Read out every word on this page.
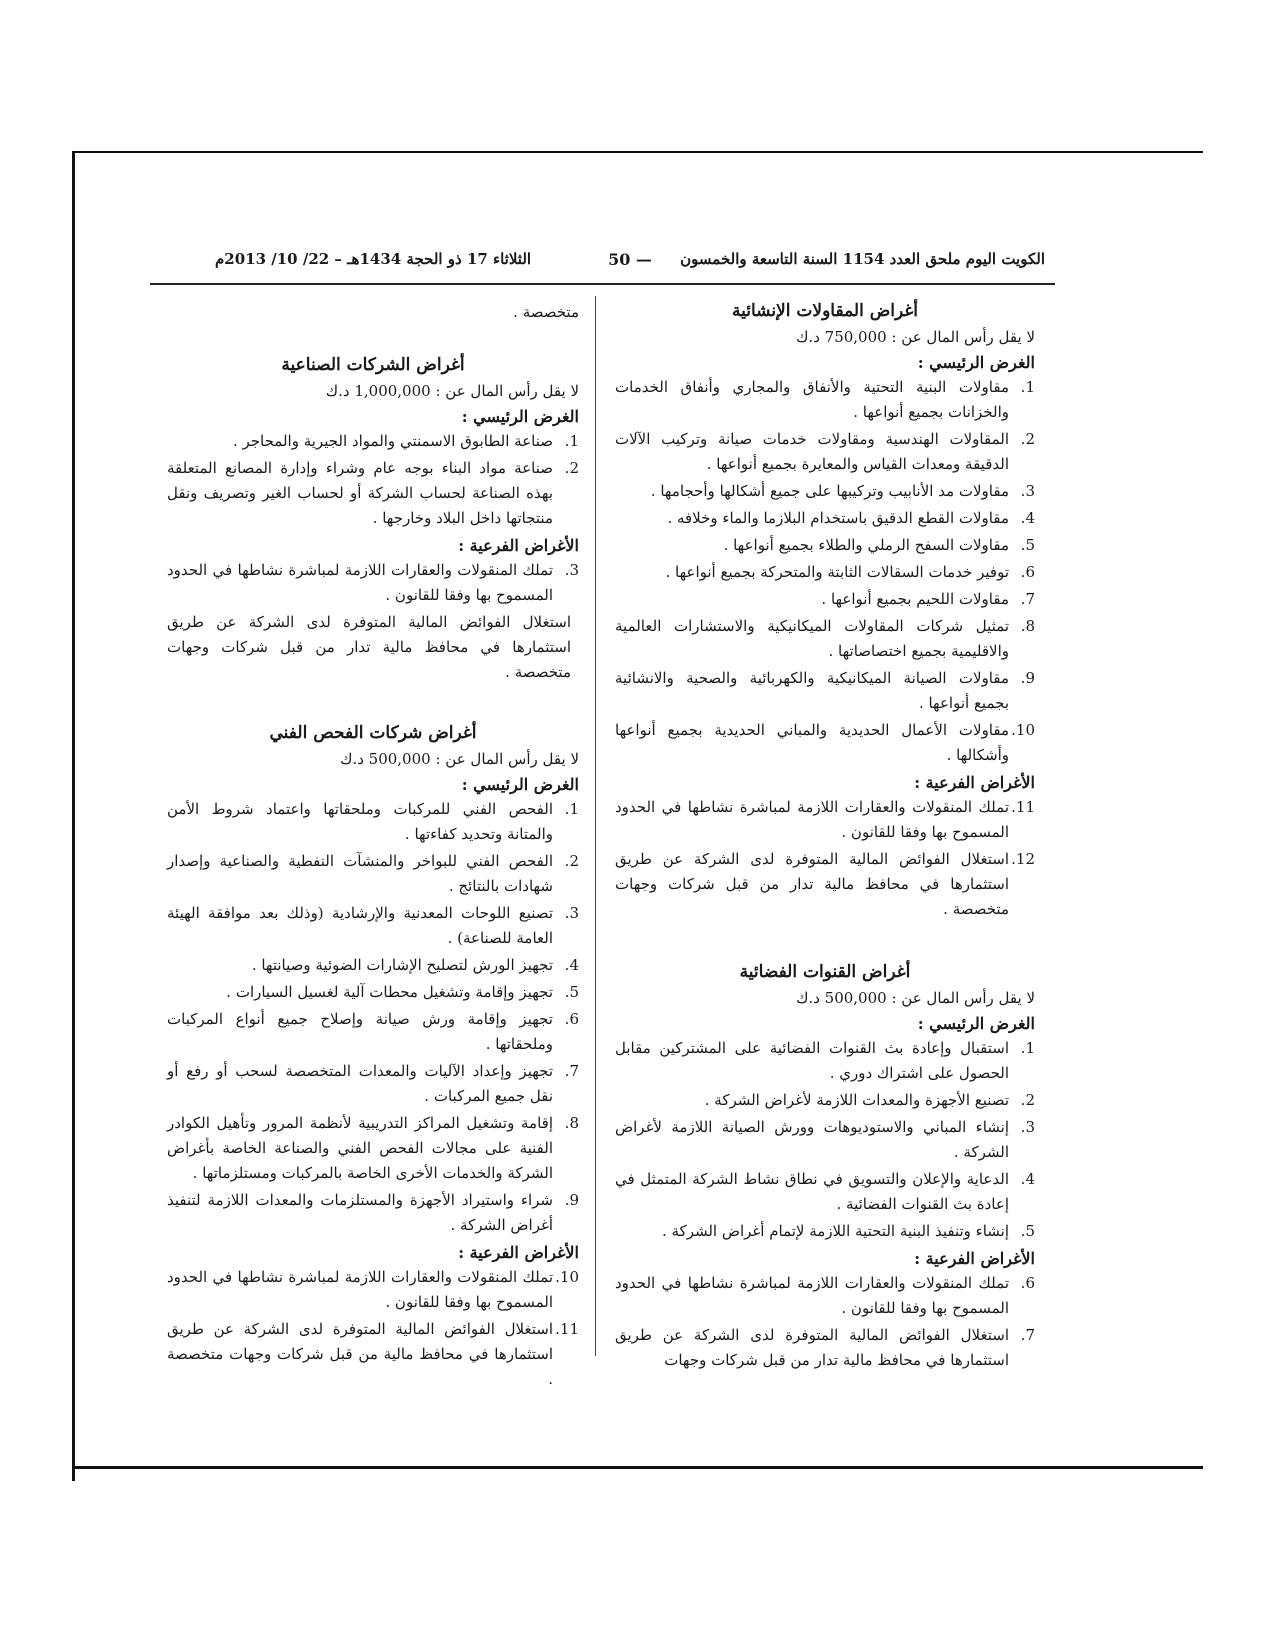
الكويت اليوم ملحق العدد 1154 السنة التاسعة والخمسون
— 50
الثلاثاء 17 ذو الحجة 1434هـ – 22/ 10/ 2013م

أغراض المقاولات الإنشائية

لا يقل رأس المال عن : 750,000 د.ك

الغرض الرئيسي :

1.
مقاولات البنية التحتية والأنفاق والمجاري وأنفاق الخدمات والخزانات بجميع أنواعها .

2.
المقاولات الهندسية ومقاولات خدمات صيانة وتركيب الآلات الدقيقة ومعدات القياس والمعايرة بجميع أنواعها .

3.
مقاولات مد الأنابيب وتركيبها على جميع أشكالها وأحجامها .

4.
مقاولات القطع الدقيق باستخدام البلازما والماء وخلافه .

5.
مقاولات السفح الرملي والطلاء بجميع أنواعها .

6.
توفير خدمات السقالات الثابتة والمتحركة بجميع أنواعها .

7.
مقاولات اللحيم بجميع أنواعها .

8.
تمثيل شركات المقاولات الميكانيكية والاستشارات العالمية والاقليمية بجميع اختصاصاتها .

9.
مقاولات الصيانة الميكانيكية والكهربائية والصحية والانشائية بجميع أنواعها .

10.
مقاولات الأعمال الحديدية والمباني الحديدية بجميع أنواعها وأشكالها .

الأغراض الفرعية :

11.
تملك المنقولات والعقارات اللازمة لمباشرة نشاطها في الحدود المسموح بها وفقا للقانون .

12.
استغلال الفوائض المالية المتوفرة لدى الشركة عن طريق استثمارها في محافظ مالية تدار من قبل شركات وجهات متخصصة .

أغراض القنوات الفضائية

لا يقل رأس المال عن : 500,000 د.ك

الغرض الرئيسي :

1.
استقبال وإعادة بث القنوات الفضائية على المشتركين مقابل الحصول على اشتراك دوري .

2.
تصنيع الأجهزة والمعدات اللازمة لأغراض الشركة .

3.
إنشاء المباني والاستوديوهات وورش الصيانة اللازمة لأغراض الشركة .

4.
الدعاية والإعلان والتسويق في نطاق نشاط الشركة المتمثل في إعادة بث القنوات الفضائية .

5.
إنشاء وتنفيذ البنية التحتية اللازمة لإتمام أغراض الشركة .

الأغراض الفرعية :

6.
تملك المنقولات والعقارات اللازمة لمباشرة نشاطها في الحدود المسموح بها وفقا للقانون .

7.
استغلال الفوائض المالية المتوفرة لدى الشركة عن طريق استثمارها في محافظ مالية تدار من قبل شركات وجهات

متخصصة .

أغراض الشركات الصناعية

لا يقل رأس المال عن : 1,000,000 د.ك

الغرض الرئيسي :

1.
صناعة الطابوق الاسمنتي والمواد الجيرية والمحاجر .

2.
صناعة مواد البناء بوجه عام وشراء وإدارة المصانع المتعلقة بهذه الصناعة لحساب الشركة أو لحساب الغير وتصريف ونقل منتجاتها داخل البلاد وخارجها .

الأغراض الفرعية :

3.
تملك المنقولات والعقارات اللازمة لمباشرة نشاطها في الحدود المسموح بها وفقا للقانون .

استغلال الفوائض المالية المتوفرة لدى الشركة عن طريق استثمارها في محافظ مالية تدار من قبل شركات وجهات متخصصة .

أغراض شركات الفحص الفني

لا يقل رأس المال عن : 500,000 د.ك

الغرض الرئيسي :

1.
الفحص الفني للمركبات وملحقاتها واعتماد شروط الأمن والمتانة وتحديد كفاءتها .

2.
الفحص الفني للبواخر والمنشآت النفطية والصناعية وإصدار شهادات بالنتائج .

3.
تصنيع اللوحات المعدنية والإرشادية (وذلك بعد موافقة الهيئة العامة للصناعة) .

4.
تجهيز الورش لتصليح الإشارات الضوئية وصيانتها .

5.
تجهيز وإقامة وتشغيل محطات آلية لغسيل السيارات .

6.
تجهيز وإقامة ورش صيانة وإصلاح جميع أنواع المركبات وملحقاتها .

7.
تجهيز وإعداد الآليات والمعدات المتخصصة لسحب أو رفع أو نقل جميع المركبات .

8.
إقامة وتشغيل المراكز التدريبية لأنظمة المرور وتأهيل الكوادر الفنية على مجالات الفحص الفني والصناعة الخاصة بأغراض الشركة والخدمات الأخرى الخاصة بالمركبات ومستلزماتها .

9.
شراء واستيراد الأجهزة والمستلزمات والمعدات اللازمة لتنفيذ أغراض الشركة .

الأغراض الفرعية :

10.
تملك المنقولات والعقارات اللازمة لمباشرة نشاطها في الحدود المسموح بها وفقا للقانون .

11.
استغلال الفوائض المالية المتوفرة لدى الشركة عن طريق استثمارها في محافظ مالية من قبل شركات وجهات متخصصة .
